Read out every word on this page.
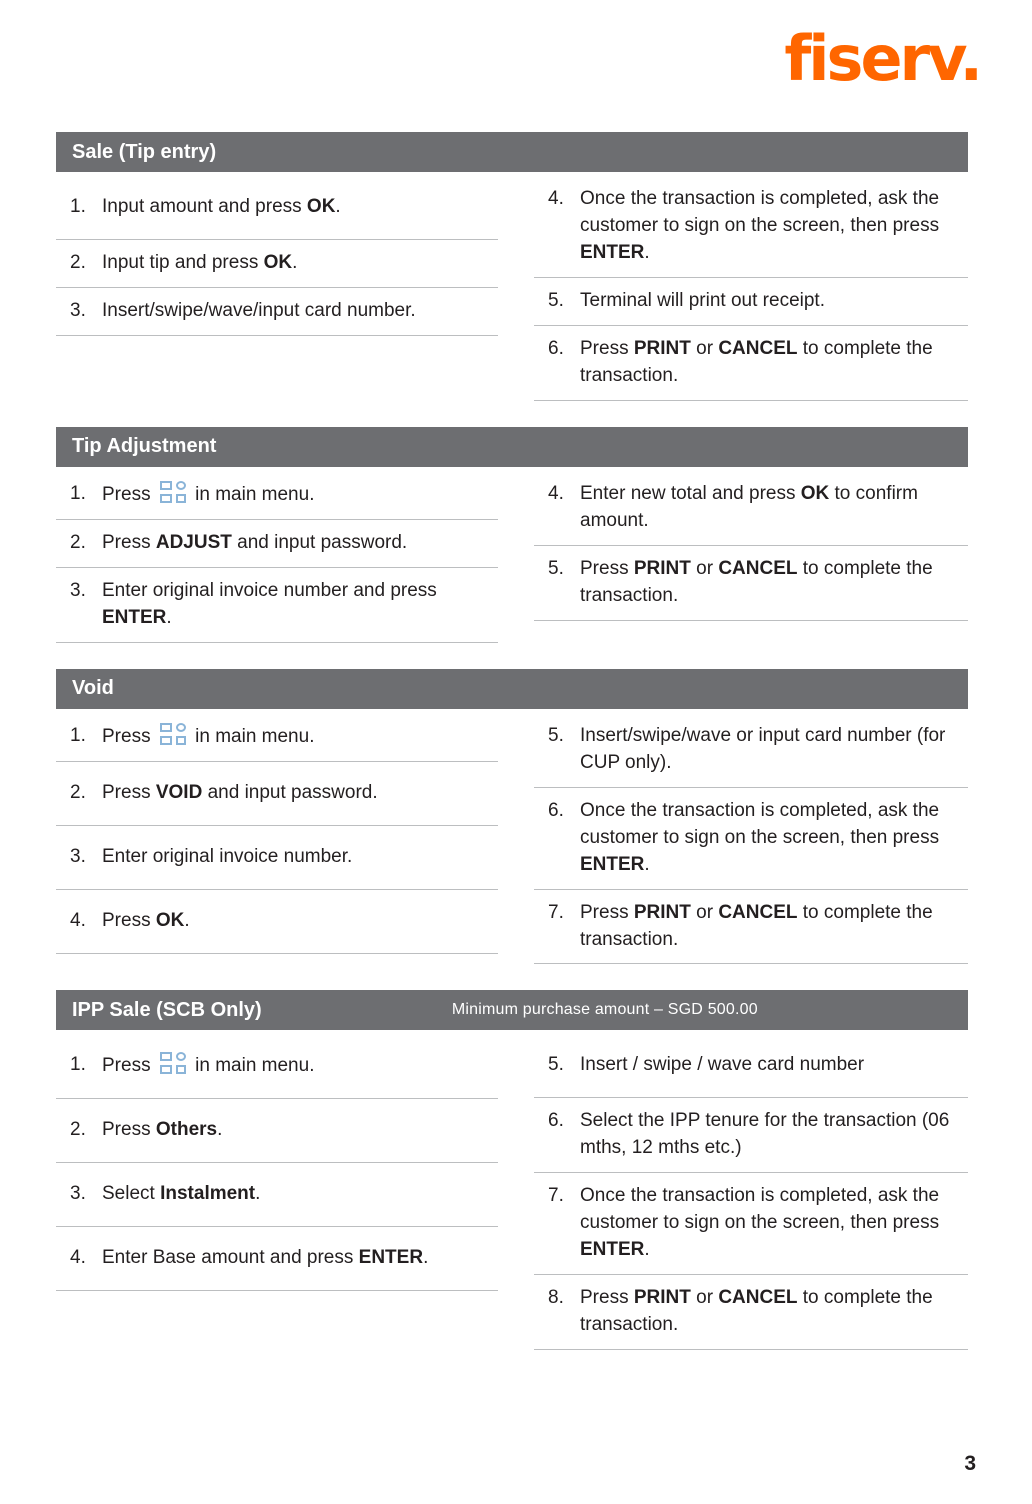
fiserv.
Sale (Tip entry)
1. Input amount and press OK.
2. Input tip and press OK.
3. Insert/swipe/wave/input card number.
4. Once the transaction is completed, ask the customer to sign on the screen, then press ENTER.
5. Terminal will print out receipt.
6. Press PRINT or CANCEL to complete the transaction.
Tip Adjustment
1. Press
in main menu.
2. Press ADJUST and input password.
3. Enter original invoice number and press ENTER.
4. Enter new total and press OK to confirm amount.
5. Press PRINT or CANCEL to complete the transaction.
Void
1. Press
in main menu.
2. Press VOID and input password.
3. Enter original invoice number.
4. Press OK.
5. Insert/swipe/wave or input card number (for CUP only).
6. Once the transaction is completed, ask the customer to sign on the screen, then press ENTER.
7. Press PRINT or CANCEL to complete the transaction.
IPP Sale (SCB Only)	Minimum purchase amount – SGD 500.00
1. Press
in main menu.
2. Press Others.
3. Select Instalment.
4. Enter Base amount and press ENTER.
5. Insert / swipe / wave card number
6. Select the IPP tenure for the transaction (06 mths, 12 mths etc.)
7. Once the transaction is completed, ask the customer to sign on the screen, then press ENTER.
8. Press PRINT or CANCEL to complete the transaction.
3
